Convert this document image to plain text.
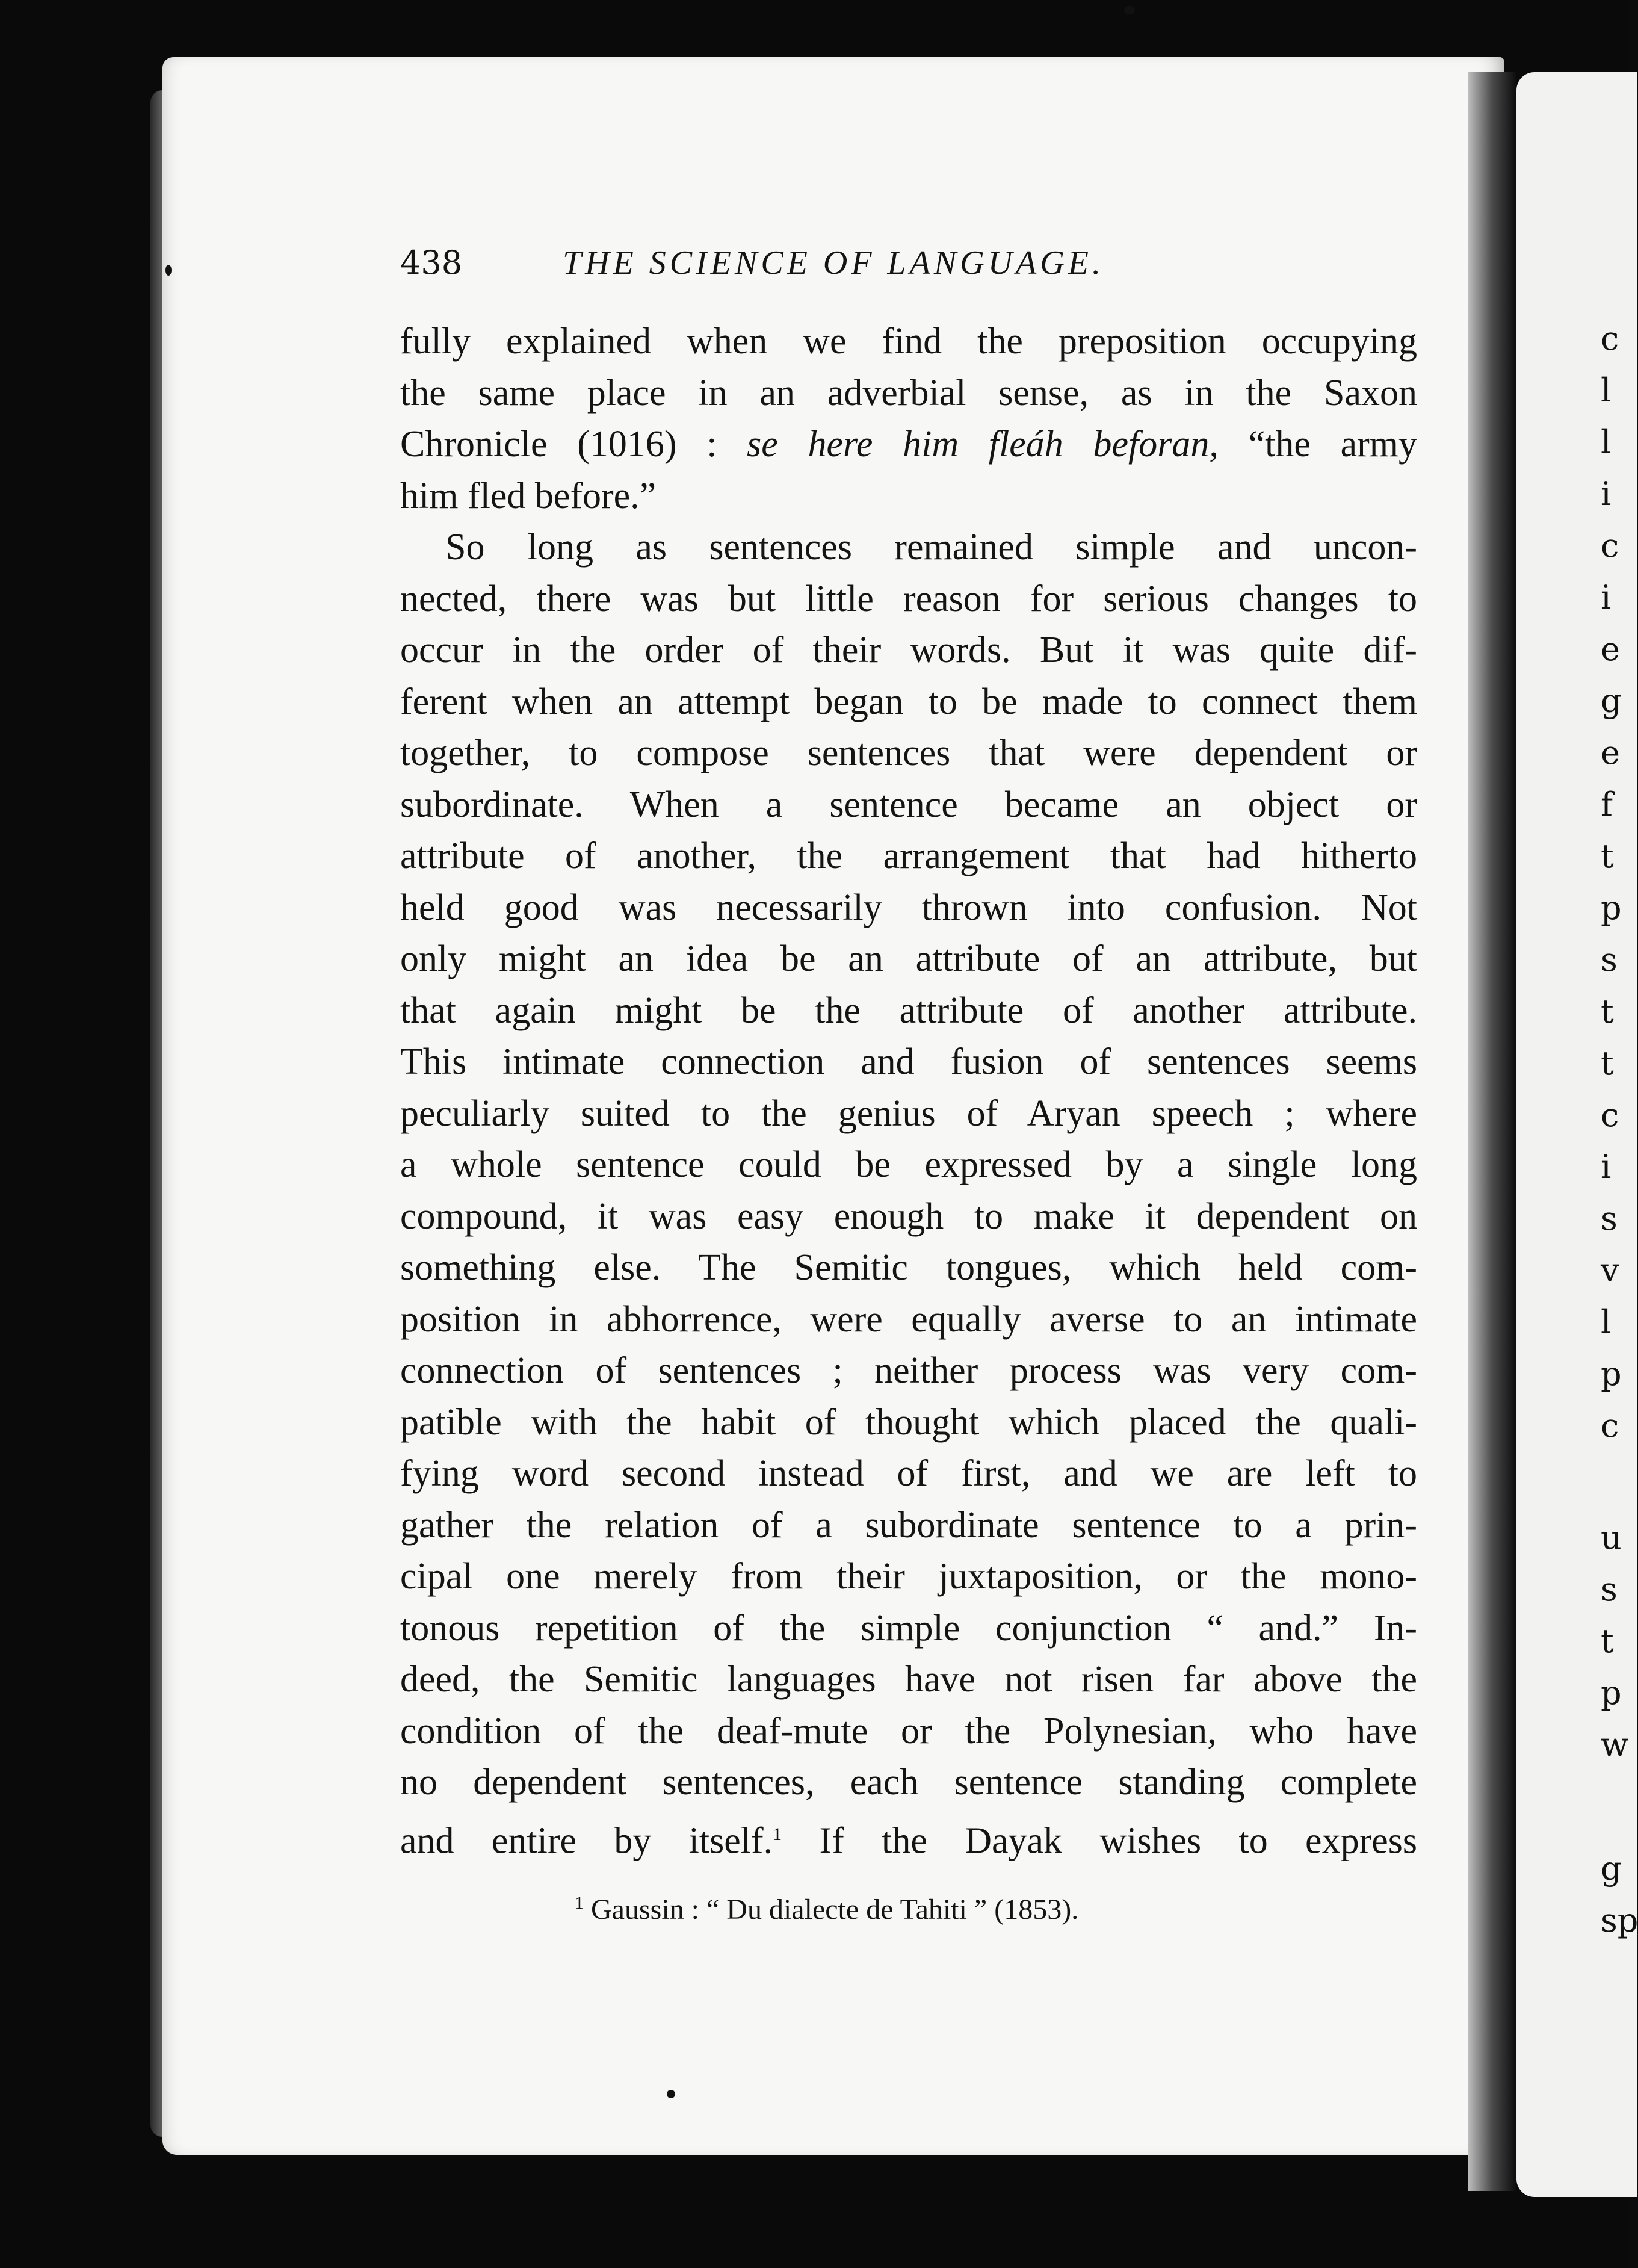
c
l
l
i
c
i
e
g
e
f
t
p
s
t
t
c
i
s
v
l
p
c
u
s
t
p
w
g
sp
438	THE SCIENCE OF LANGUAGE.

fully explained when we find the preposition occupying
the same place in an adverbial sense, as in the Saxon
Chronicle (1016) : se here him fleáh beforan, “the army
him fled before.”

So long as sentences remained simple and uncon-
nected, there was but little reason for serious changes to
occur in the order of their words. But it was quite dif-
ferent when an attempt began to be made to connect them
together, to compose sentences that were dependent or
subordinate. When a sentence became an object or
attribute of another, the arrangement that had hitherto
held good was necessarily thrown into confusion. Not
only might an idea be an attribute of an attribute, but
that again might be the attribute of another attribute.
This intimate connection and fusion of sentences seems
peculiarly suited to the genius of Aryan speech ; where
a whole sentence could be expressed by a single long
compound, it was easy enough to make it dependent on
something else. The Semitic tongues, which held com-
position in abhorrence, were equally averse to an intimate
connection of sentences ; neither process was very com-
patible with the habit of thought which placed the quali-
fying word second instead of first, and we are left to
gather the relation of a subordinate sentence to a prin-
cipal one merely from their juxtaposition, or the mono-
tonous repetition of the simple conjunction “ and.” In-
deed, the Semitic languages have not risen far above the
condition of the deaf-mute or the Polynesian, who have
no dependent sentences, each sentence standing complete
and entire by itself.$^1$ If the Dayak wishes to express

$^1$ Gaussin : “ Du dialecte de Tahiti ” (1853).
